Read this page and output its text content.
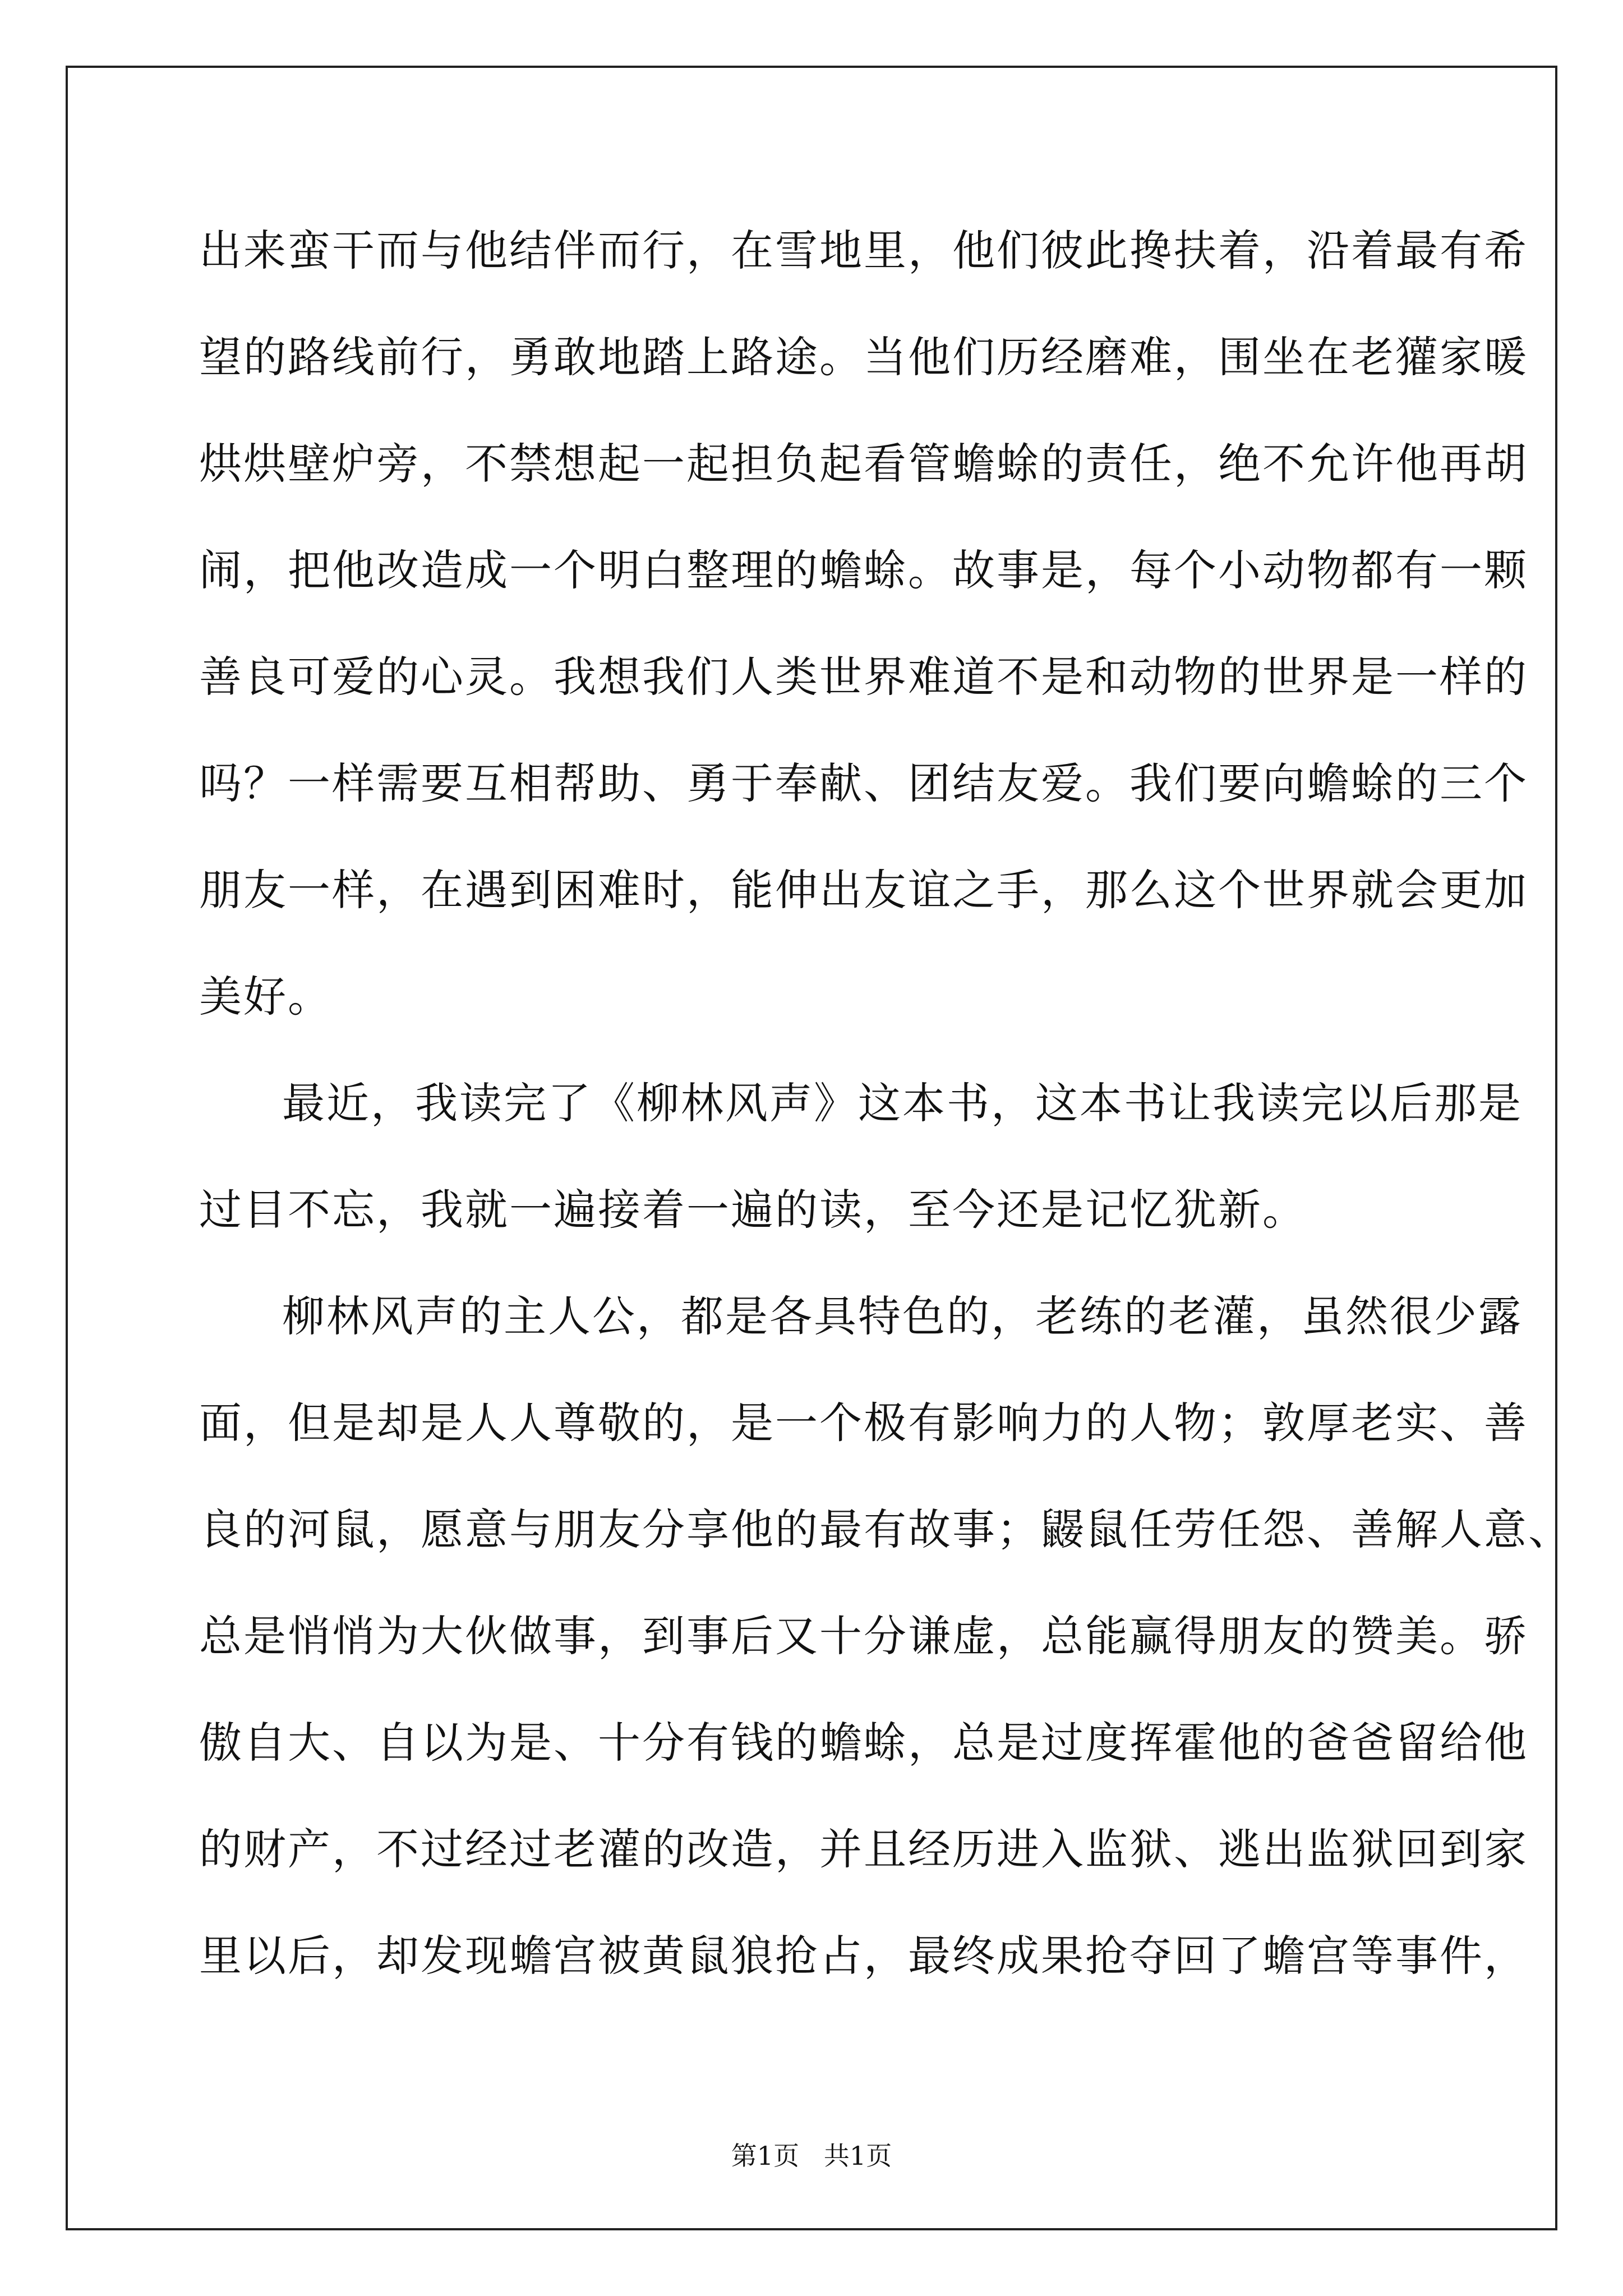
出来蛮干而与他结伴而行，在雪地里，他们彼此搀扶着，沿着最有希
望的路线前行，勇敢地踏上路途。当他们历经磨难，围坐在老獾家暖
烘烘壁炉旁，不禁想起一起担负起看管蟾蜍的责任，绝不允许他再胡
闹，把他改造成一个明白整理的蟾蜍。故事是，每个小动物都有一颗
善良可爱的心灵。我想我们人类世界难道不是和动物的世界是一样的
吗？一样需要互相帮助、勇于奉献、团结友爱。我们要向蟾蜍的三个
朋友一样，在遇到困难时，能伸出友谊之手，那么这个世界就会更加
美好。
最近，我读完了《柳林风声》这本书，这本书让我读完以后那是
过目不忘，我就一遍接着一遍的读，至今还是记忆犹新。
柳林风声的主人公，都是各具特色的，老练的老灌，虽然很少露
面，但是却是人人尊敬的，是一个极有影响力的人物；敦厚老实、善
良的河鼠，愿意与朋友分享他的最有故事；鼹鼠任劳任怨、善解人意、
总是悄悄为大伙做事，到事后又十分谦虚，总能赢得朋友的赞美。骄
傲自大、自以为是、十分有钱的蟾蜍，总是过度挥霍他的爸爸留给他
的财产，不过经过老灌的改造，并且经历进入监狱、逃出监狱回到家
里以后，却发现蟾宫被黄鼠狼抢占，最终成果抢夺回了蟾宫等事件，
第1页   共1页
